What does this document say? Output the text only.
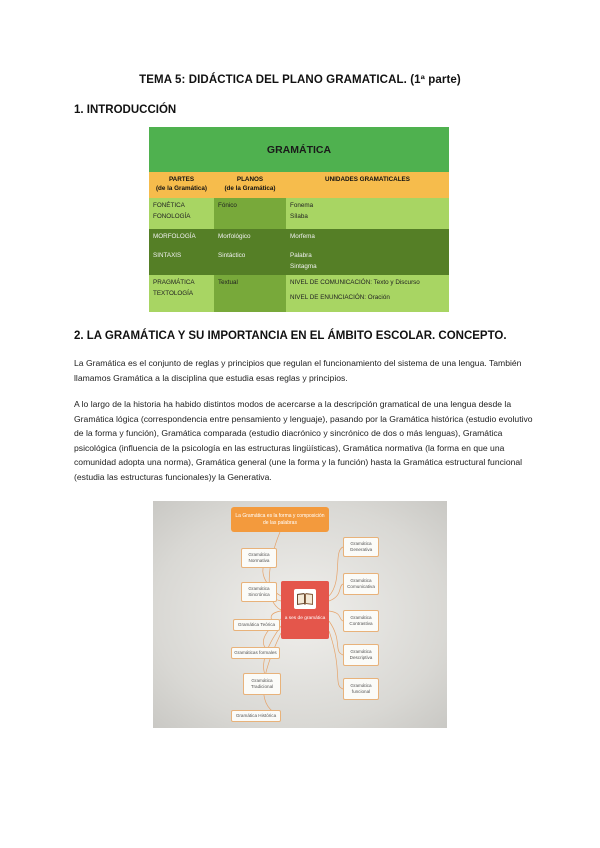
TEMA 5: DIDÁCTICA DEL PLANO GRAMATICAL. (1ª parte)
1. INTRODUCCIÓN
GRAMÁTICA
PARTES
(de la Gramática)
PLANOS
(de la Gramática)
UNIDADES GRAMATICALES
FONÉTICA
FONOLOGÍA
Fónico	Fonema
Sílaba
MORFOLOGÍA
SINTAXIS
Morfológico
Sintáctico
Morfema
Palabra
Sintagma
PRAGMÁTICA
TEXTOLOGÍA
Textual	NIVEL DE COMUNICACIÓN: Texto y Discurso
NIVEL DE ENUNCIACIÓN: Oración
2. LA GRAMÁTICA Y SU IMPORTANCIA EN EL ÁMBITO ESCOLAR. CONCEPTO.
La Gramática es el conjunto de reglas y principios que regulan el funcionamiento del sistema de una lengua. También llamamos Gramática a la disciplina que estudia esas reglas y principios.
A lo largo de la historia ha habido distintos modos de acercarse a la descripción gramatical de una lengua desde la Gramática lógica (correspondencia entre pensamiento y lenguaje), pasando por la Gramática histórica (estudio evolutivo de la forma y función), Gramática comparada (estudio diacrónico y sincrónico de dos o más lenguas), Gramática psicológica (influencia de la psicología en las estructuras lingüísticas), Gramática normativa (la forma en que una comunidad adopta una norma), Gramática general (une la forma y la función) hasta la Gramática estructural funcional (estudia las estructuras funcionales)y la Generativa.
La Gramática es la forma y composición de las palabras
a ses de gramática
Gramática Normativa
Gramática Sincrónica
Gramática Teórica
Gramáticas formales
Gramática Tradicional
Gramática Histórica
Gramática Generativa
Gramática Comunicativa
Gramática Contrastiva
Gramática Descriptiva
Gramática funcional
